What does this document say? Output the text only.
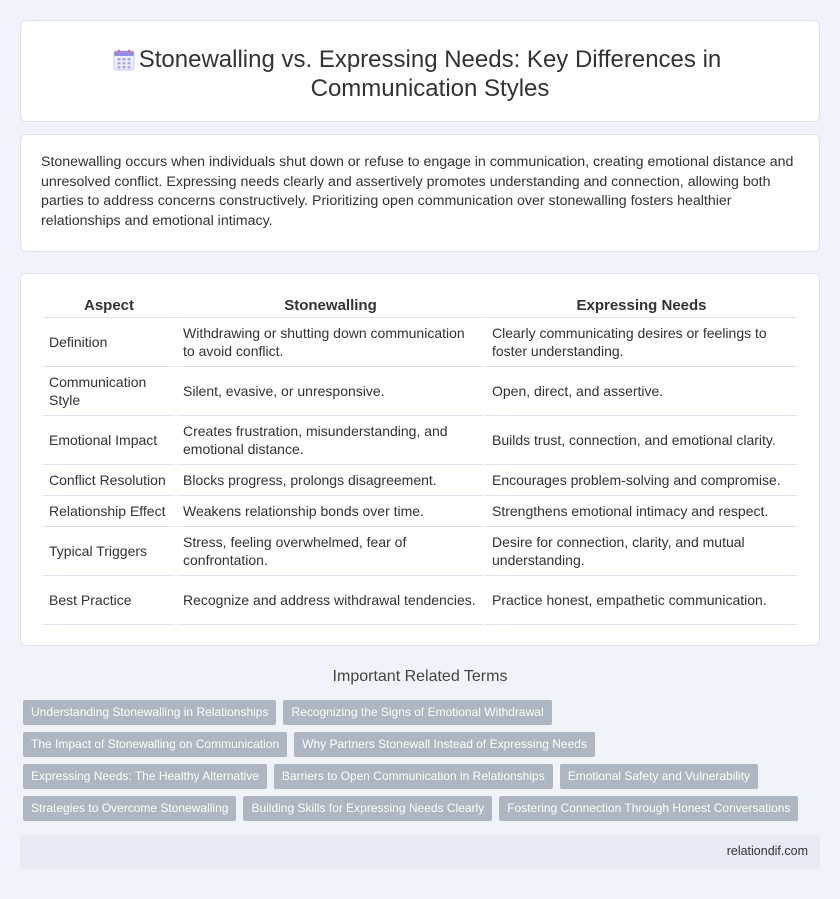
Stonewalling vs. Expressing Needs: Key Differences in Communication Styles

Stonewalling occurs when individuals shut down or refuse to engage in communication, creating emotional distance and unresolved conflict. Expressing needs clearly and assertively promotes understanding and connection, allowing both parties to address concerns constructively. Prioritizing open communication over stonewalling fosters healthier relationships and emotional intimacy.

Aspect	Stonewalling	Expressing Needs
Definition	Withdrawing or shutting down communication to avoid conflict.	Clearly communicating desires or feelings to foster understanding.
Communication Style	Silent, evasive, or unresponsive.	Open, direct, and assertive.
Emotional Impact	Creates frustration, misunderstanding, and emotional distance.	Builds trust, connection, and emotional clarity.
Conflict Resolution	Blocks progress, prolongs disagreement.	Encourages problem-solving and compromise.
Relationship Effect	Weakens relationship bonds over time.	Strengthens emotional intimacy and respect.
Typical Triggers	Stress, feeling overwhelmed, fear of confrontation.	Desire for connection, clarity, and mutual understanding.
Best Practice	Recognize and address withdrawal tendencies.	Practice honest, empathetic communication.
Important Related Terms
Understanding Stonewalling in Relationships	Recognizing the Signs of Emotional Withdrawal
The Impact of Stonewalling on Communication	Why Partners Stonewall Instead of Expressing Needs
Expressing Needs: The Healthy Alternative	Barriers to Open Communication in Relationships	Emotional Safety and Vulnerability
Strategies to Overcome Stonewalling	Building Skills for Expressing Needs Clearly	Fostering Connection Through Honest Conversations
relationdif.com
